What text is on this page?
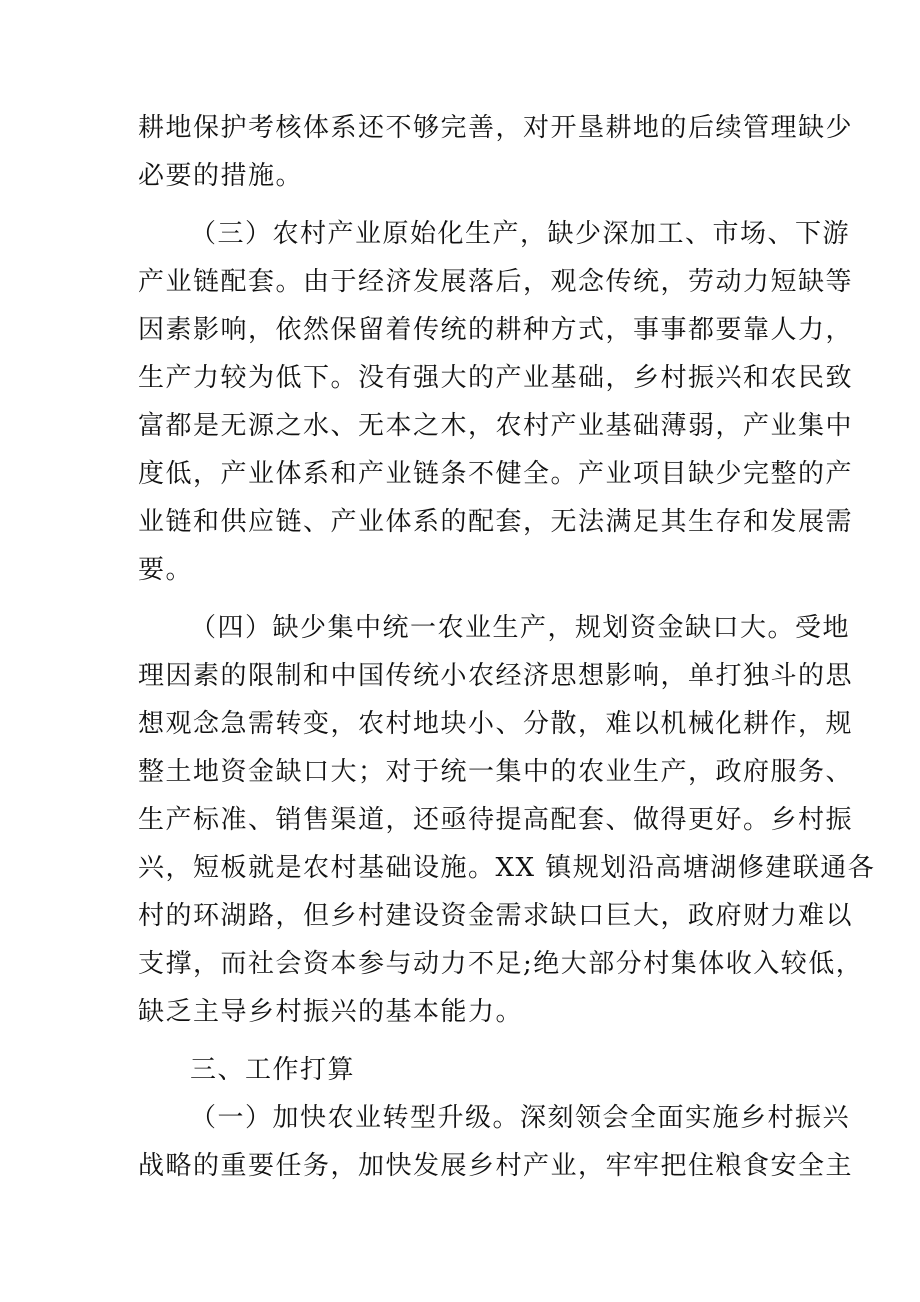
耕地保护考核体系还不够完善，对开垦耕地的后续管理缺少
必要的措施。
（三）农村产业原始化生产，缺少深加工、市场、下游
产业链配套。由于经济发展落后，观念传统，劳动力短缺等
因素影响，依然保留着传统的耕种方式，事事都要靠人力，
生产力较为低下。没有强大的产业基础，乡村振兴和农民致
富都是无源之水、无本之木，农村产业基础薄弱，产业集中
度低，产业体系和产业链条不健全。产业项目缺少完整的产
业链和供应链、产业体系的配套，无法满足其生存和发展需
要。
（四）缺少集中统一农业生产，规划资金缺口大。受地
理因素的限制和中国传统小农经济思想影响，单打独斗的思
想观念急需转变，农村地块小、分散，难以机械化耕作，规
整土地资金缺口大；对于统一集中的农业生产，政府服务、
生产标准、销售渠道，还亟待提高配套、做得更好。乡村振
兴，短板就是农村基础设施。XX 镇规划沿高塘湖修建联通各
村的环湖路，但乡村建设资金需求缺口巨大，政府财力难以
支撑，而社会资本参与动力不足;绝大部分村集体收入较低，
缺乏主导乡村振兴的基本能力。
三、工作打算
（一）加快农业转型升级。深刻领会全面实施乡村振兴
战略的重要任务，加快发展乡村产业，牢牢把住粮食安全主
